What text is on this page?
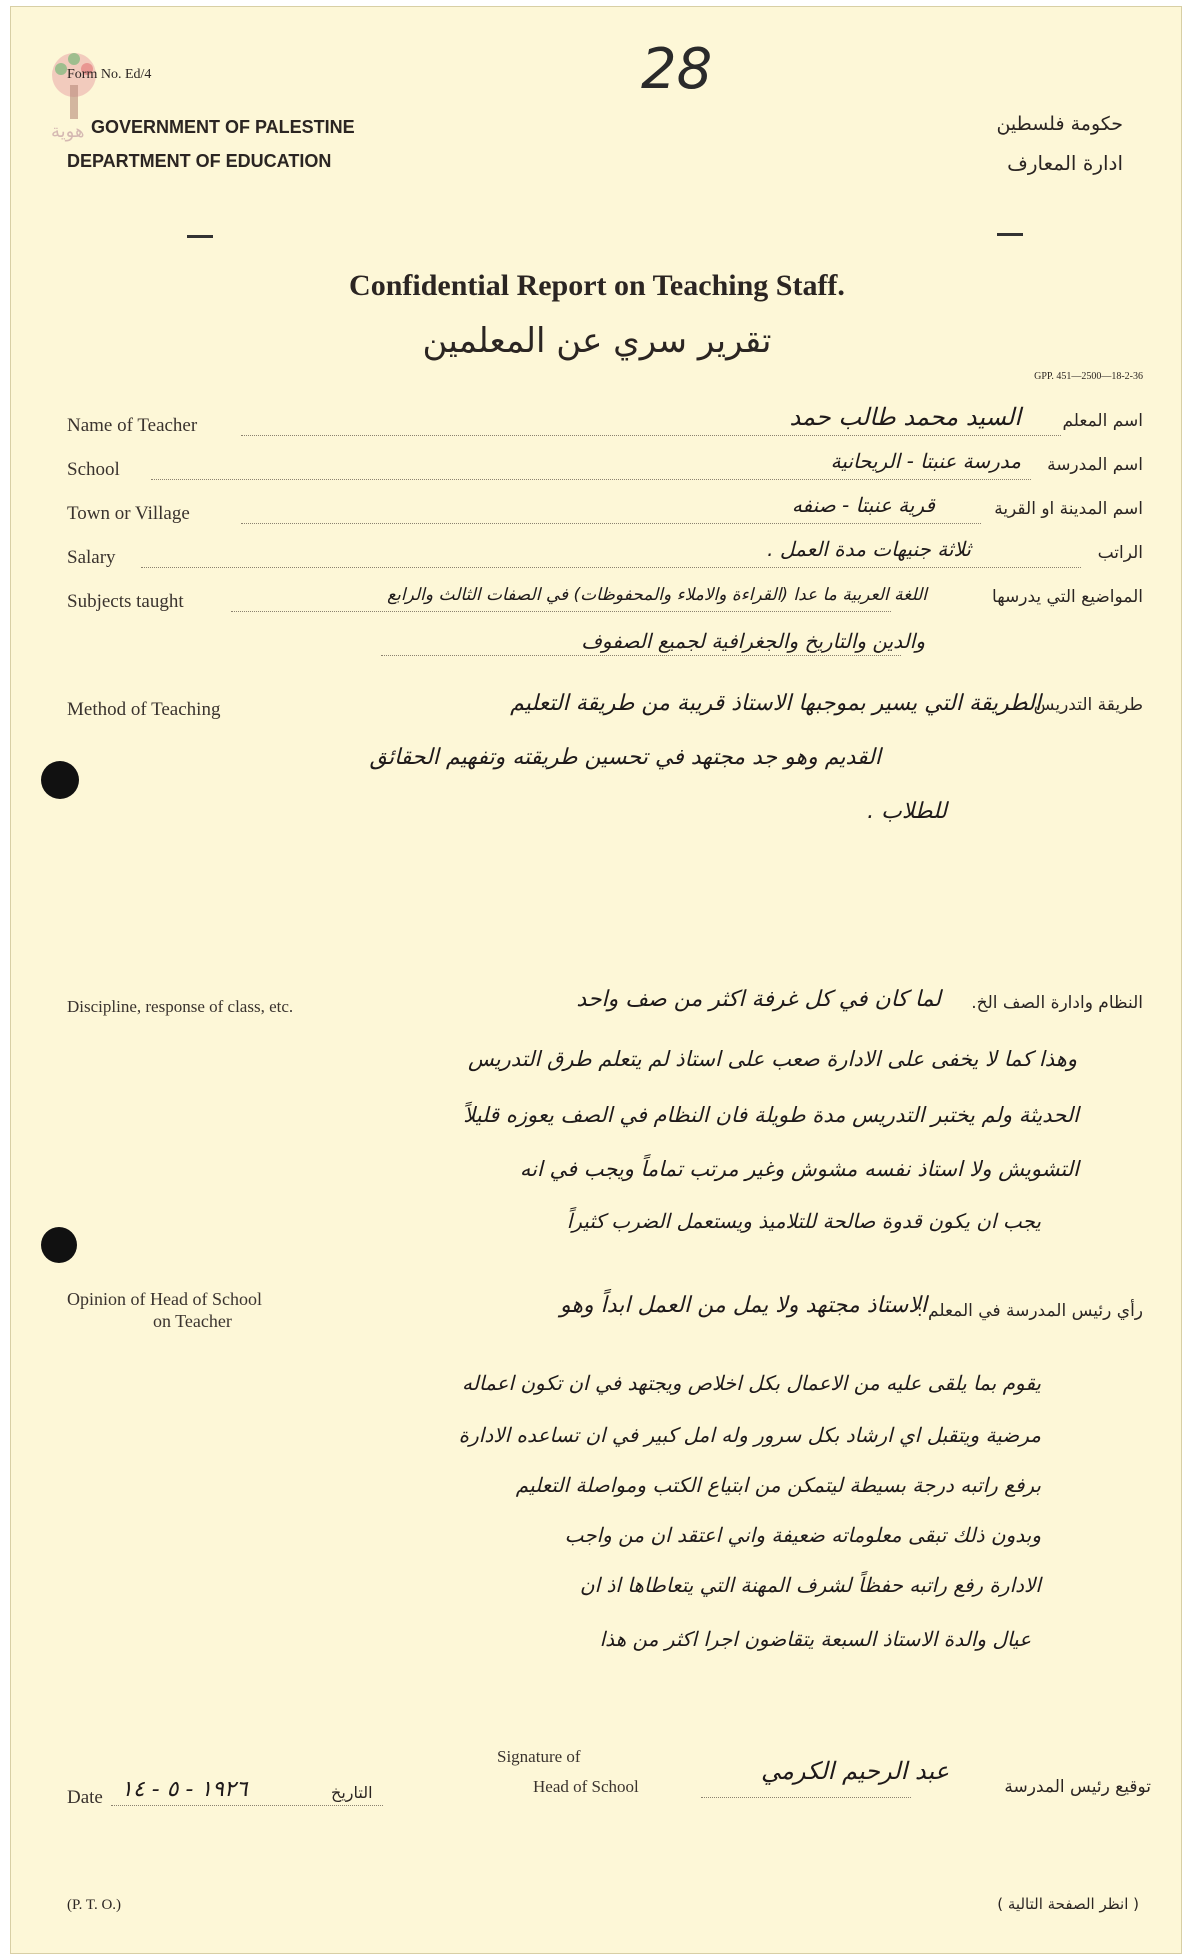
هوية
Form No. Ed/4	28
GOVERNMENT OF PALESTINE
DEPARTMENT OF EDUCATION
حكومة فلسطين
ادارة المعارف
Confidential Report on Teaching Staff.
تقرير سري عن المعلمين
GPP. 451—2500—18-2-36
Name of Teacher	اسم المعلم
السيد محمد طالب حمد
School	اسم المدرسة
مدرسة عنبتا - الريحانية
Town or Village	اسم المدينة او القرية
قرية عنبتا - صنفه
Salary	الراتب
ثلاثة جنيهات مدة العمل .
Subjects taught	المواضيع التي يدرسها
اللغة العربية ما عدا (القراءة والاملاء والمحفوظات) في الصفات الثالث والرابع
والدين والتاريخ والجغرافية لجميع الصفوف
Method of Teaching	طريقة التدريس :
الطريقة التي يسير بموجبها الاستاذ قريبة من طريقة التعليم
القديم وهو جد مجتهد في تحسين طريقته وتفهيم الحقائق
للطلاب .
Discipline, response of class, etc.	النظام وادارة الصف الخ.
لما كان في كل غرفة اكثر من صف واحد
وهذا كما لا يخفى على الادارة صعب على استاذ لم يتعلم طرق التدريس
الحديثة ولم يختبر التدريس مدة طويلة فان النظام في الصف يعوزه قليلاً
التشويش ولا استاذ نفسه مشوش وغير مرتب تماماً ويجب في انه
يجب ان يكون قدوة صالحة للتلاميذ ويستعمل الضرب كثيراً
Opinion of Head of School
on Teacher	رأي رئيس المدرسة في المعلم :
الاستاذ مجتهد ولا يمل من العمل ابداً وهو
يقوم بما يلقى عليه من الاعمال بكل اخلاص ويجتهد في ان تكون اعماله
مرضية ويتقبل اي ارشاد بكل سرور وله امل كبير في ان تساعده الادارة
برفع راتبه درجة بسيطة ليتمكن من ابتياع الكتب ومواصلة التعليم
وبدون ذلك تبقى معلوماته ضعيفة واني اعتقد ان من واجب
الادارة رفع راتبه حفظاً لشرف المهنة التي يتعاطاها اذ ان
عيال والدة الاستاذ السبعة يتقاضون اجرا اكثر من هذا
Date ١٩٢٦ - ٥ - ١٤	التاريخ
Signature of
Head of School
عبد الرحيم الكرمي
توقيع رئيس المدرسة
(P. T. O.)	( انظر الصفحة التالية )
